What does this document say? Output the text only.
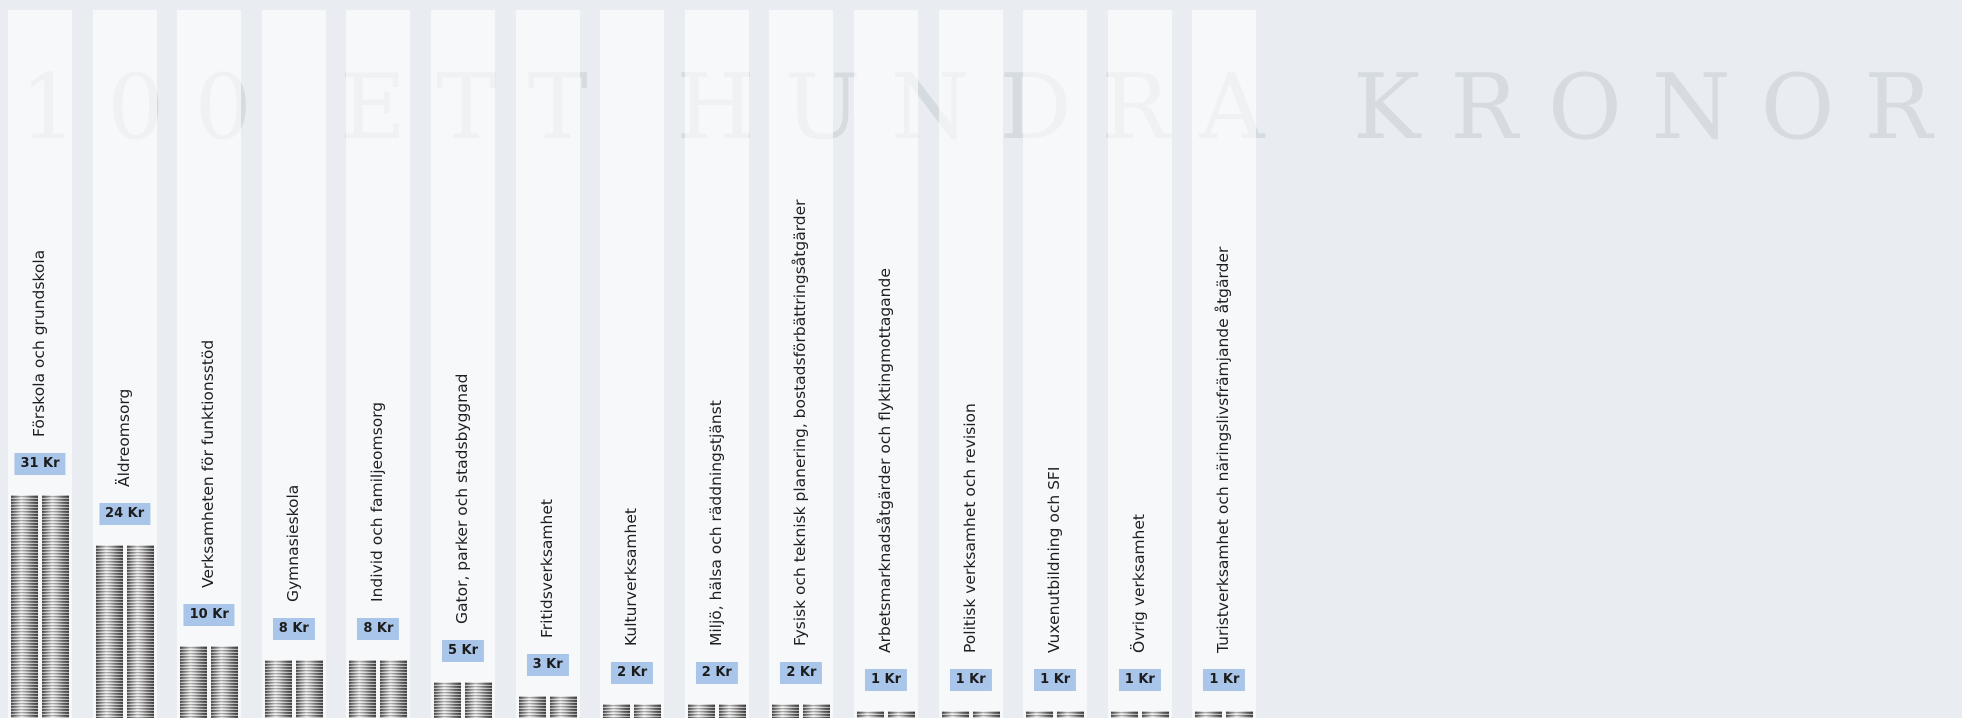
KRONOR
31 Kr
Förskola och grundskola
24 Kr
Äldreomsorg
10 Kr
Verksamheten för funktionsstöd
8 Kr
Gymnasieskola
8 Kr
Individ och familjeomsorg
5 Kr
Gator, parker och stadsbyggnad
3 Kr
Fritidsverksamhet
2 Kr
Kulturverksamhet
2 Kr
Miljö, hälsa och räddningstjänst
2 Kr
Fysisk och teknisk planering, bostadsförbättringsåtgärder
1 Kr
Arbetsmarknadsåtgärder och flyktingmottagande
1 Kr
Politisk verksamhet och revision
1 Kr
Vuxenutbildning och SFI
1 Kr
Övrig verksamhet
1 Kr
Turistverksamhet och näringslivsfrämjande åtgärder
